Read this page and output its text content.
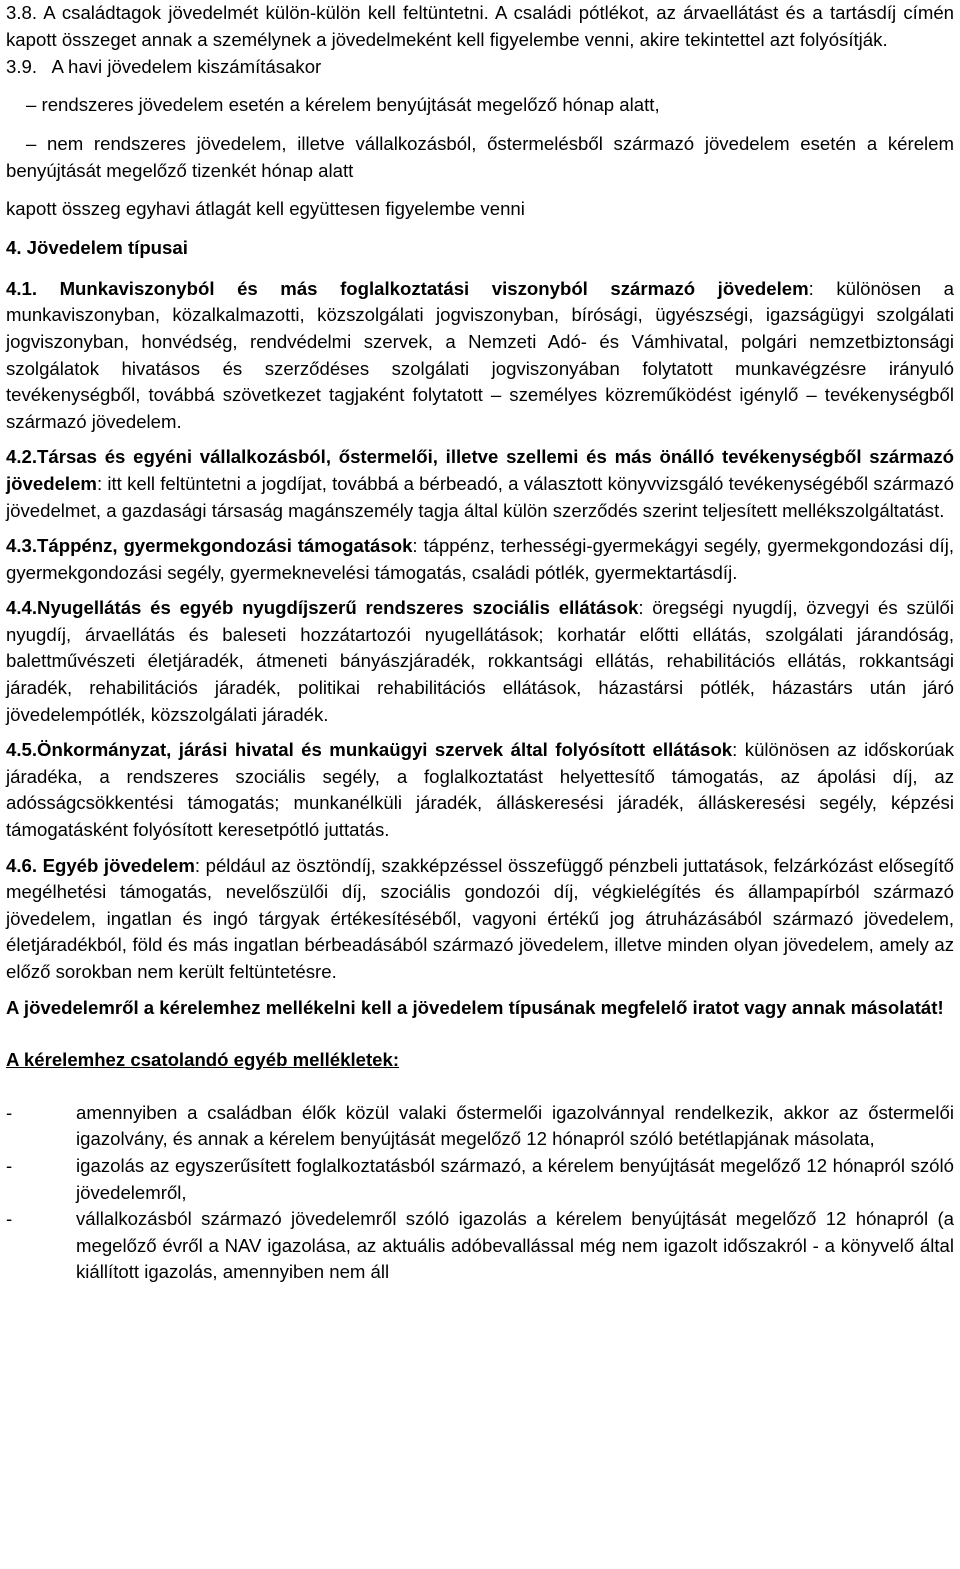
3.8. A családtagok jövedelmét külön-külön kell feltüntetni. A családi pótlékot, az árvaellátást és a tartásdíj címén kapott összeget annak a személynek a jövedelmeként kell figyelembe venni, akire tekintettel azt folyósítják.

3.9. A havi jövedelem kiszámításakor

– rendszeres jövedelem esetén a kérelem benyújtását megelőző hónap alatt,

– nem rendszeres jövedelem, illetve vállalkozásból, őstermelésből származó jövedelem esetén a kérelem benyújtását megelőző tizenkét hónap alatt

kapott összeg egyhavi átlagát kell együttesen figyelembe venni

4. Jövedelem típusai

4.1. Munkaviszonyból és más foglalkoztatási viszonyból származó jövedelem: különösen a munkaviszonyban, közalkalmazotti, közszolgálati jogviszonyban, bírósági, ügyészségi, igazságügyi szolgálati jogviszonyban, honvédség, rendvédelmi szervek, a Nemzeti Adó- és Vámhivatal, polgári nemzetbiztonsági szolgálatok hivatásos és szerződéses szolgálati jogviszonyában folytatott munkavégzésre irányuló tevékenységből, továbbá szövetkezet tagjaként folytatott – személyes közreműködést igénylő – tevékenységből származó jövedelem.

4.2.Társas és egyéni vállalkozásból, őstermelői, illetve szellemi és más önálló tevékenységből származó jövedelem: itt kell feltüntetni a jogdíjat, továbbá a bérbeadó, a választott könyvvizsgáló tevékenységéből származó jövedelmet, a gazdasági társaság magánszemély tagja által külön szerződés szerint teljesített mellékszolgáltatást.

4.3.Táppénz, gyermekgondozási támogatások: táppénz, terhességi-gyermekágyi segély, gyermekgondozási díj, gyermekgondozási segély, gyermeknevelési támogatás, családi pótlék, gyermektartásdíj.

4.4.Nyugellátás és egyéb nyugdíjszerű rendszeres szociális ellátások: öregségi nyugdíj, özvegyi és szülői nyugdíj, árvaellátás és baleseti hozzátartozói nyugellátások; korhatár előtti ellátás, szolgálati járandóság, balettművészeti életjáradék, átmeneti bányászjáradék, rokkantsági ellátás, rehabilitációs ellátás, rokkantsági járadék, rehabilitációs járadék, politikai rehabilitációs ellátások, házastársi pótlék, házastárs után járó jövedelempótlék, közszolgálati járadék.

4.5.Önkormányzat, járási hivatal és munkaügyi szervek által folyósított ellátások: különösen az időskorúak járadéka, a rendszeres szociális segély, a foglalkoztatást helyettesítő támogatás, az ápolási díj, az adósságcsökkentési támogatás; munkanélküli járadék, álláskeresési járadék, álláskeresési segély, képzési támogatásként folyósított keresetpótló juttatás.

4.6. Egyéb jövedelem: például az ösztöndíj, szakképzéssel összefüggő pénzbeli juttatások, felzárkózást elősegítő megélhetési támogatás, nevelőszülői díj, szociális gondozói díj, végkielégítés és állampapírból származó jövedelem, ingatlan és ingó tárgyak értékesítéséből, vagyoni értékű jog átruházásából származó jövedelem, életjáradékból, föld és más ingatlan bérbeadásából származó jövedelem, illetve minden olyan jövedelem, amely az előző sorokban nem került feltüntetésre.

A jövedelemről a kérelemhez mellékelni kell a jövedelem típusának megfelelő iratot vagy annak másolatát!

A kérelemhez csatolandó egyéb mellékletek:

-	amennyiben a családban élők közül valaki őstermelői igazolvánnyal rendelkezik, akkor az őstermelői igazolvány, és annak a kérelem benyújtását megelőző 12 hónapról szóló betétlapjának másolata,
-	igazolás az egyszerűsített foglalkoztatásból származó, a kérelem benyújtását megelőző 12 hónapról szóló jövedelemről,
-	vállalkozásból származó jövedelemről szóló igazolás a kérelem benyújtását megelőző 12 hónapról (a megelőző évről a NAV igazolása, az aktuális adóbevallással még nem igazolt időszakról - a könyvelő által kiállított igazolás, amennyiben nem áll
